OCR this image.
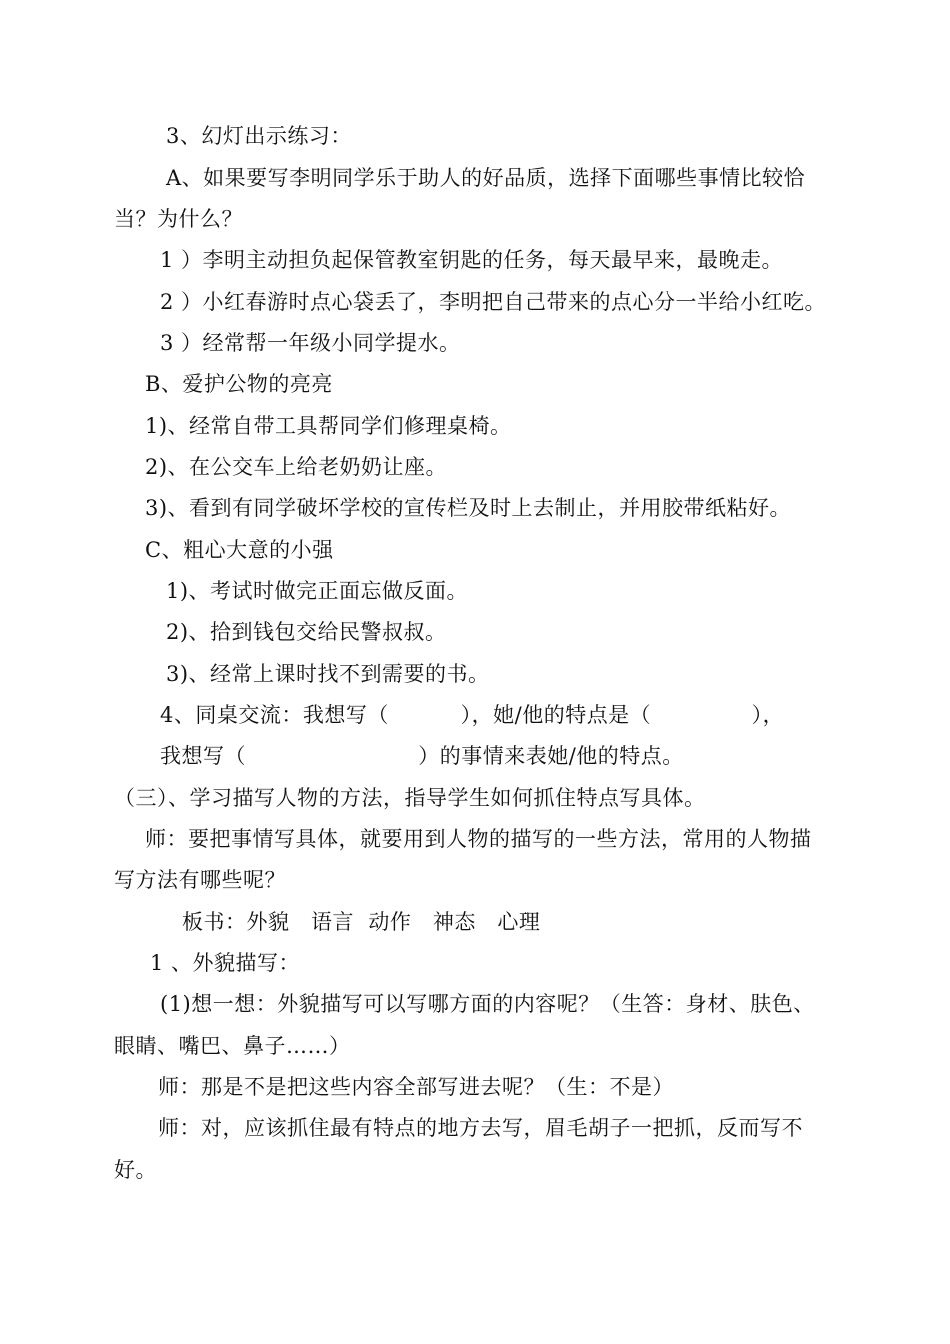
3、幻灯出示练习：
A、如果要写李明同学乐于助人的好品质，选择下面哪些事情比较恰
当？为什么？
1 ）李明主动担负起保管教室钥匙的任务，每天最早来，最晚走。
2 ）小红春游时点心袋丢了，李明把自己带来的点心分一半给小红吃。
3 ）经常帮一年级小同学提水。
B、爱护公物的亮亮
1)、经常自带工具帮同学们修理桌椅。
2)、在公交车上给老奶奶让座。
3)、看到有同学破坏学校的宣传栏及时上去制止，并用胶带纸粘好。
C、粗心大意的小强
1)、考试时做完正面忘做反面。
2)、拾到钱包交给民警叔叔。
3)、经常上课时找不到需要的书。
4、同桌交流：我想写（          ），她/他的特点是（              ），
我想写（                        ）的事情来表她/他的特点。
（三）、学习描写人物的方法，指导学生如何抓住特点写具体。
师：要把事情写具体，就要用到人物的描写的一些方法，常用的人物描
写方法有哪些呢？
板书：外貌   语言  动作   神态   心理
1 、外貌描写：
(1)想一想：外貌描写可以写哪方面的内容呢？（生答：身材、肤色、
眼睛、嘴巴、鼻子……）
师：那是不是把这些内容全部写进去呢？（生：不是）
师：对，应该抓住最有特点的地方去写，眉毛胡子一把抓，反而写不
好。
